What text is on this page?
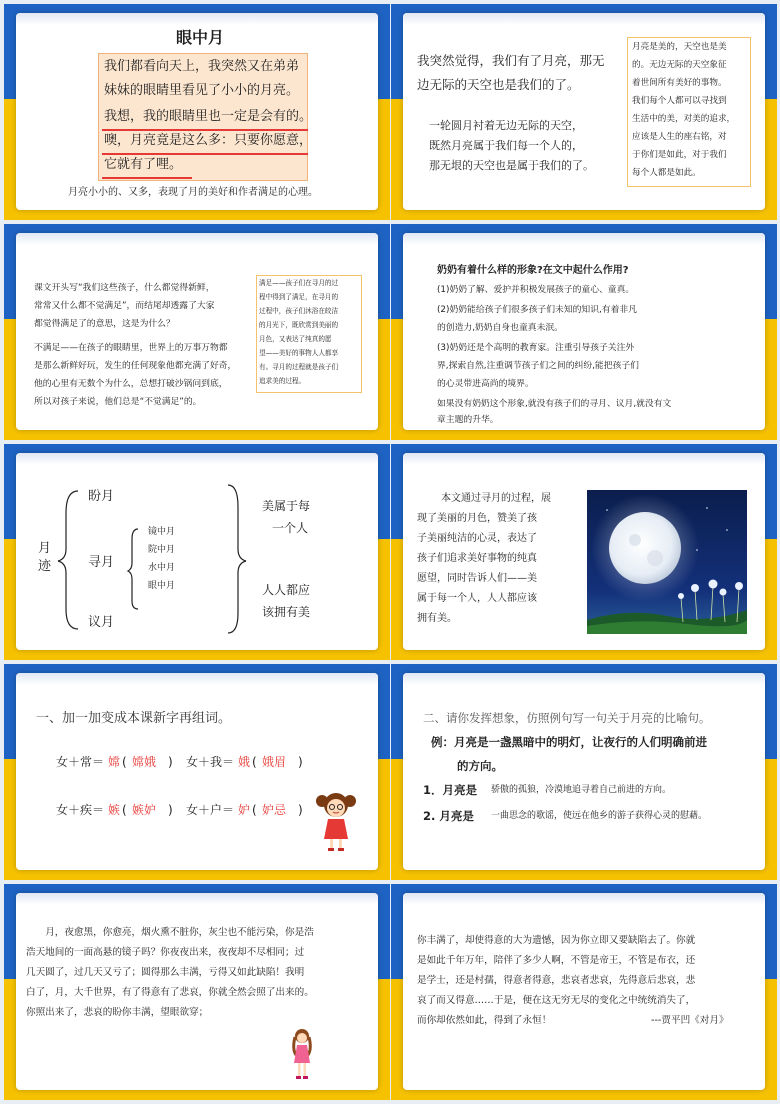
眼中月
我们都看向天上，我突然又在弟弟
妹妹的眼睛里看见了小小的月亮。
我想，我的眼睛里也一定是会有的。
噢，月亮竟是这么多：只要你愿意，
它就有了哩。
月亮小小的、又多，表现了月的美好和作者满足的心理。
我突然觉得，我们有了月亮，那无
边无际的天空也是我们的了。
一轮圆月衬着无边无际的天空，
既然月亮属于我们每一个人的，
那无垠的天空也是属于我们的了。
月亮是美的，天空也是美
的。无边无际的天空象征
着世间所有美好的事物。
我们每个人都可以寻找到
生活中的美，对美的追求，
应该是人生的座右铭，对
于你们是如此，对于我们
每个人都是如此。
课文开头写“我们这些孩子，什么都觉得新鲜，
常常又什么都不觉满足”，而结尾却透露了大家
都觉得满足了的意思，这是为什么？
不满足——在孩子的眼睛里，世界上的万事万物都
是那么新鲜好玩，发生的任何现象他都充满了好奇，
他的心里有无数个为什么，总想打破沙锅问到底，
所以对孩子来说，他们总是“不觉满足”的。
满足——孩子们在寻月的过
程中得到了满足，在寻月的
过程中，孩子们沐浴在皎洁
的月光下，既欣赏到美丽的
月色，又表达了纯真的愿
望——美好的事物人人都享
有。寻月的过程就是孩子们
追求美的过程。
奶奶有着什么样的形象?在文中起什么作用?
(1)奶奶了解、爱护并积极发展孩子的童心、童真。
(2)奶奶能给孩子们很多孩子们未知的知识,有着非凡
的创造力,奶奶自身也童真未泯。
(3)奶奶还是个高明的教育家。注重引导孩子关注外
界,探索自然,注重调节孩子们之间的纠纷,能把孩子们
的心灵带进高尚的境界。
如果没有奶奶这个形象,就没有孩子们的寻月、议月,就没有文
章主题的升华。
月
迹
盼月
寻月
议月
镜中月
院中月
水中月
眼中月
美属于每
一个人
人人都应
该拥有美
本文通过寻月的过程，展
现了美丽的月色，赞美了孩
子美丽纯洁的心灵，表达了
孩子们追求美好事物的纯真
愿望，同时告诉人们——美
属于每一个人，人人都应该
拥有美。
一、加一加变成本课新字再组词。
女＋常＝ 嫦 ( 嫦娥 ) 女＋我＝ 娥 ( 娥眉 )
女＋疾＝ 嫉 ( 嫉妒 ) 女＋户＝ 妒 ( 妒忌 )
二、请你发挥想象，仿照例句写一句关于月亮的比喻句。
例：月亮是一盏黑暗中的明灯，让夜行的人们明确前进
的方向。
1．月亮是 骄傲的孤狼，冷漠地追寻着自己前进的方向。
2. 月亮是 一曲思念的歌谣，使远在他乡的游子获得心灵的慰藉。
月，夜愈黑，你愈亮，烟火熏不脏你，灰尘也不能污染，你是浩
浩天地间的一面高悬的镜子吗？你夜夜出来，夜夜却不尽相同；过
几天圆了，过几天又亏了；圆得那么丰满，亏得又如此缺陷！我明
白了，月，大千世界，有了得意有了悲哀，你就全然会照了出来的。
你照出来了，悲哀的盼你丰满，望眼欲穿；
你丰满了，却使得意的大为遗憾，因为你立即又要缺陷去了。你就
是如此千年万年，陪伴了多少人啊，不管是帝王，不管是布衣，还
是学士，还是村孺，得意者得意，悲哀者悲哀，先得意后悲哀，悲
哀了而又得意……于是，便在这无穷无尽的变化之中统统消失了，
而你却依然如此，得到了永恒！	---贾平凹《对月》
